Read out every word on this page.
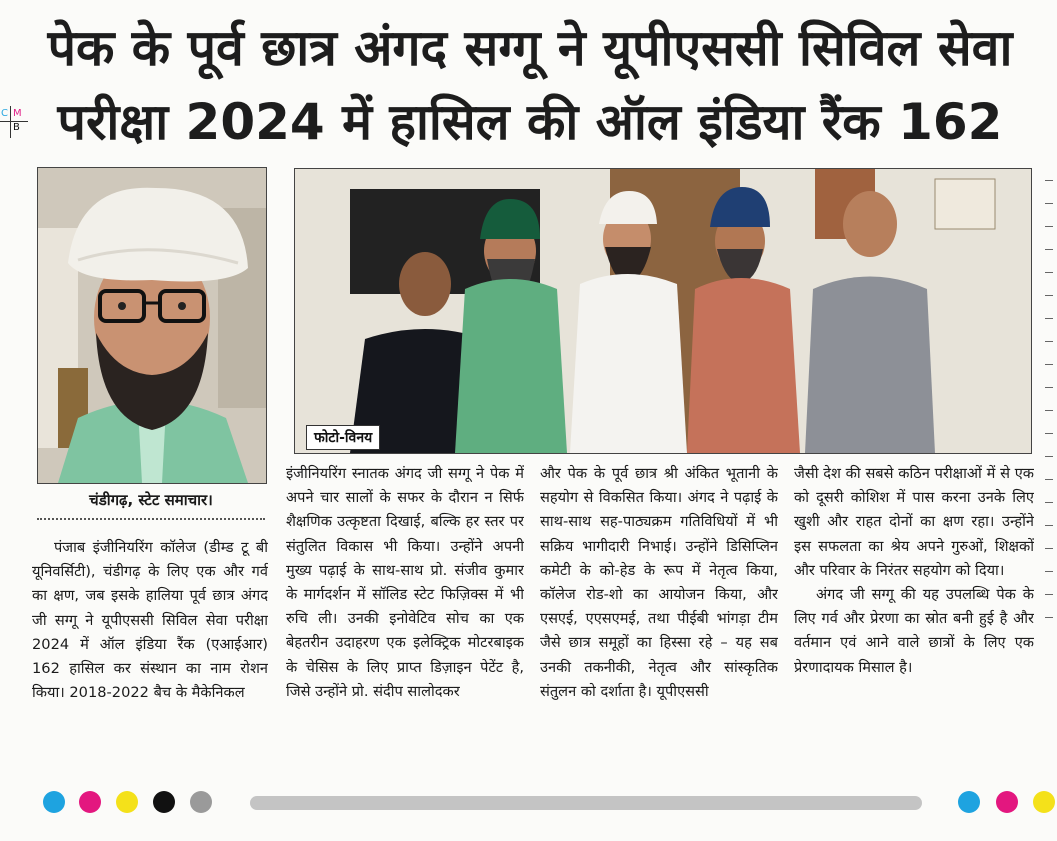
पेक के पूर्व छात्र अंगद सग्गू ने यूपीएससी सिविल सेवा
परीक्षा 2024 में हासिल की ऑल इंडिया रैंक 162
C M
B
फोटो-विनय
चंडीगढ़, स्टेट समाचार।

पंजाब इंजीनियरिंग कॉलेज (डीम्ड टू बी यूनिवर्सिटी), चंडीगढ़ के लिए एक और गर्व का क्षण, जब इसके हालिया पूर्व छात्र अंगद जी सग्गू ने यूपीएससी सिविल सेवा परीक्षा 2024 में ऑल इंडिया रैंक (एआईआर) 162 हासिल कर संस्थान का नाम रोशन किया। 2018-2022 बैच के मैकेनिकल

इंजीनियरिंग स्नातक अंगद जी सग्गू ने पेक में अपने चार सालों के सफर के दौरान न सिर्फ शैक्षणिक उत्कृष्टता दिखाई, बल्कि हर स्तर पर संतुलित विकास भी किया। उन्होंने अपनी मुख्य पढ़ाई के साथ-साथ प्रो. संजीव कुमार के मार्गदर्शन में सॉलिड स्टेट फिज़िक्स में भी रुचि ली। उनकी इनोवेटिव सोच का एक बेहतरीन उदाहरण एक इलेक्ट्रिक मोटरबाइक के चेसिस के लिए प्राप्त डिज़ाइन पेटेंट है, जिसे उन्होंने प्रो. संदीप सालोदकर

और पेक के पूर्व छात्र श्री अंकित भूतानी के सहयोग से विकसित किया। अंगद ने पढ़ाई के साथ-साथ सह-पाठ्यक्रम गतिविधियों में भी सक्रिय भागीदारी निभाई। उन्होंने डिसिप्लिन कमेटी के को-हेड के रूप में नेतृत्व किया, कॉलेज रोड-शो का आयोजन किया, और एसएई, एएसएमई, तथा पीईबी भांगड़ा टीम जैसे छात्र समूहों का हिस्सा रहे – यह सब उनकी तकनीकी, नेतृत्व और सांस्कृतिक संतुलन को दर्शाता है। यूपीएससी

जैसी देश की सबसे कठिन परीक्षाओं में से एक को दूसरी कोशिश में पास करना उनके लिए खुशी और राहत दोनों का क्षण रहा। उन्होंने इस सफलता का श्रेय अपने गुरुओं, शिक्षकों और परिवार के निरंतर सहयोग को दिया।

अंगद जी सग्गू की यह उपलब्धि पेक के लिए गर्व और प्रेरणा का स्रोत बनी हुई है और वर्तमान एवं आने वाले छात्रों के लिए एक प्रेरणादायक मिसाल है।
